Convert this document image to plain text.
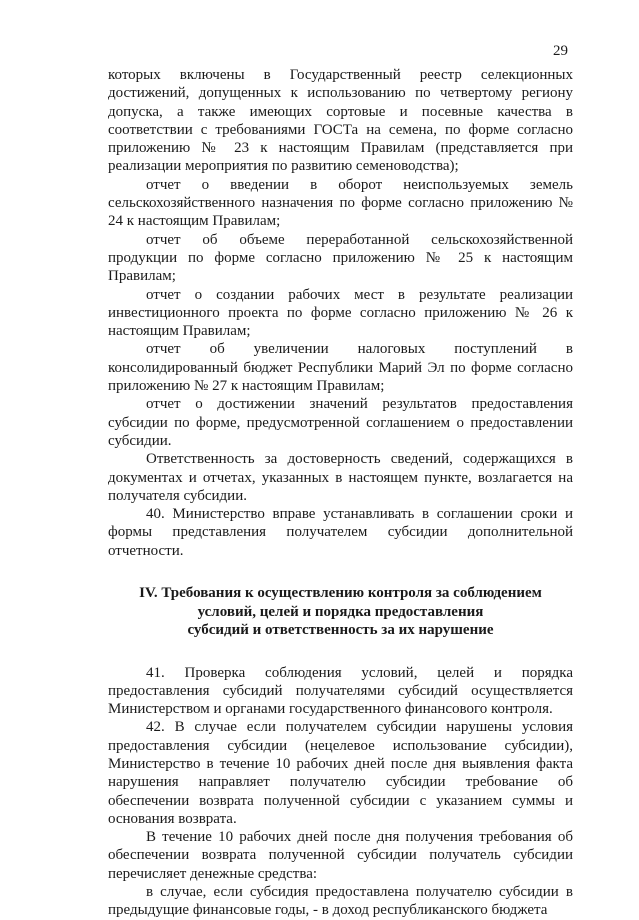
29

которых включены в Государственный реестр селекционных достижений, допущенных к использованию по четвертому региону допуска, а также имеющих сортовые и посевные качества в соответствии с требованиями ГОСТа на семена, по форме согласно приложению № 23 к настоящим Правилам (представляется при реализации мероприятия по развитию семеноводства);

отчет о введении в оборот неиспользуемых земель сельскохозяйственного назначения по форме согласно приложению № 24 к настоящим Правилам;

отчет об объеме переработанной сельскохозяйственной продукции по форме согласно приложению № 25 к настоящим Правилам;

отчет о создании рабочих мест в результате реализации инвестиционного проекта по форме согласно приложению № 26 к настоящим Правилам;

отчет об увеличении налоговых поступлений в консолидированный бюджет Республики Марий Эл по форме согласно приложению № 27 к настоящим Правилам;

отчет о достижении значений результатов предоставления субсидии по форме, предусмотренной соглашением о предоставлении субсидии.

Ответственность за достоверность сведений, содержащихся в документах и отчетах, указанных в настоящем пункте, возлагается на получателя субсидии.

40. Министерство вправе устанавливать в соглашении сроки и формы представления получателем субсидии дополнительной отчетности.

IV. Требования к осуществлению контроля за соблюдением
условий, целей и порядка предоставления
субсидий и ответственность за их нарушение

41. Проверка соблюдения условий, целей и порядка предоставления субсидий получателями субсидий осуществляется Министерством и органами государственного финансового контроля.

42. В случае если получателем субсидии нарушены условия предоставления субсидии (нецелевое использование субсидии), Министерство в течение 10 рабочих дней после дня выявления факта нарушения направляет получателю субсидии требование об обеспечении возврата полученной субсидии с указанием суммы и основания возврата.

В течение 10 рабочих дней после дня получения требования об обеспечении возврата полученной субсидии получатель субсидии перечисляет денежные средства:

в случае, если субсидия предоставлена получателю субсидии в предыдущие финансовые годы, - в доход республиканского бюджета
